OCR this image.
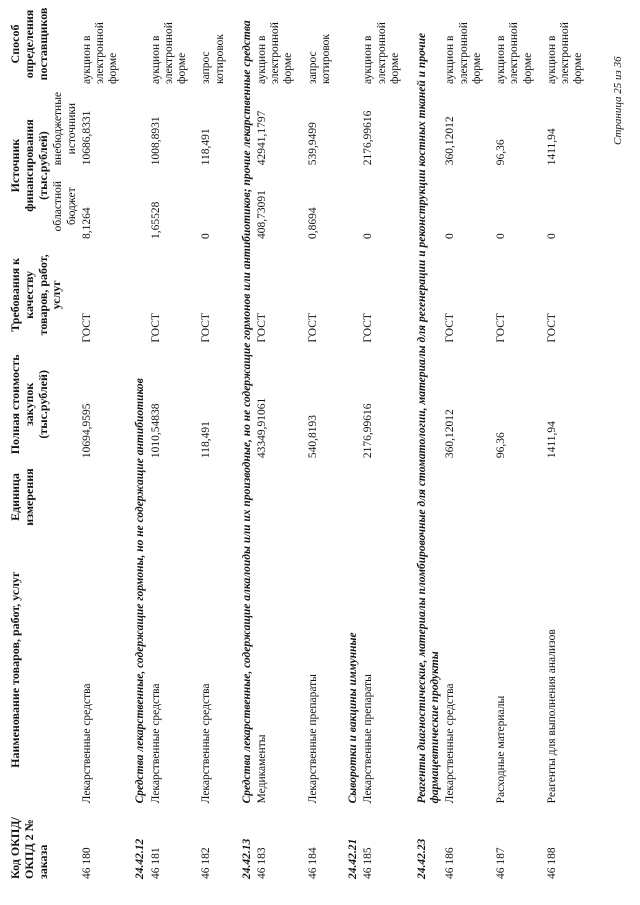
Код ОКПД/ ОКПД 2 № заказа	Наименование товаров, работ, услуг	Единица измерения	Полная стоимость закупок (тыс.рублей)	Требования к качеству товаров, работ, услуг	Источник финансирования (тыс.рублей)		Способ определения поставщиков
					областной бюджет	внебюджетные источники	
46 180	Лекарственные средства		10694,9595	ГОСТ	8,1264	10686,8331	аукцион в электронной форме
24.42.12	Средства лекарственные, содержащие гормоны, но не содержащие антибиотиков						
46 181	Лекарственные средства		1010,54838	ГОСТ	1,65528	1008,8931	аукцион в электронной форме
46 182	Лекарственные средства		118,491	ГОСТ	0	118,491	запрос котировок
24.42.13	Средства лекарственные, содержащие алкалоиды или их производные, но не содержащие гормонов или антибиотиков; прочие лекарственные средства						
46 183	Медикаменты		43349,91061	ГОСТ	408,73091	42941,1797	аукцион в электронной форме
46 184	Лекарственные препараты		540,8193	ГОСТ	0,8694	539,9499	запрос котировок
24.42.21	Сыворотки и вакцины иммунные						
46 185	Лекарственные препараты		2176,99616	ГОСТ	0	2176,99616	аукцион в электронной форме
24.42.23	Реагенты диагностические, материалы пломбировочные для стоматологии, материалы для регенерации и реконструкции костных тканей и прочие фармацевтические продукты						
46 186	Лекарственные средства		360,12012	ГОСТ	0	360,12012	аукцион в электронной форме
46 187	Расходные материалы		96,36	ГОСТ	0	96,36	аукцион в электронной форме
46 188	Реагенты для выполнения анализов		1411,94	ГОСТ	0	1411,94	аукцион в электронной форме	Страница 25 из 36
